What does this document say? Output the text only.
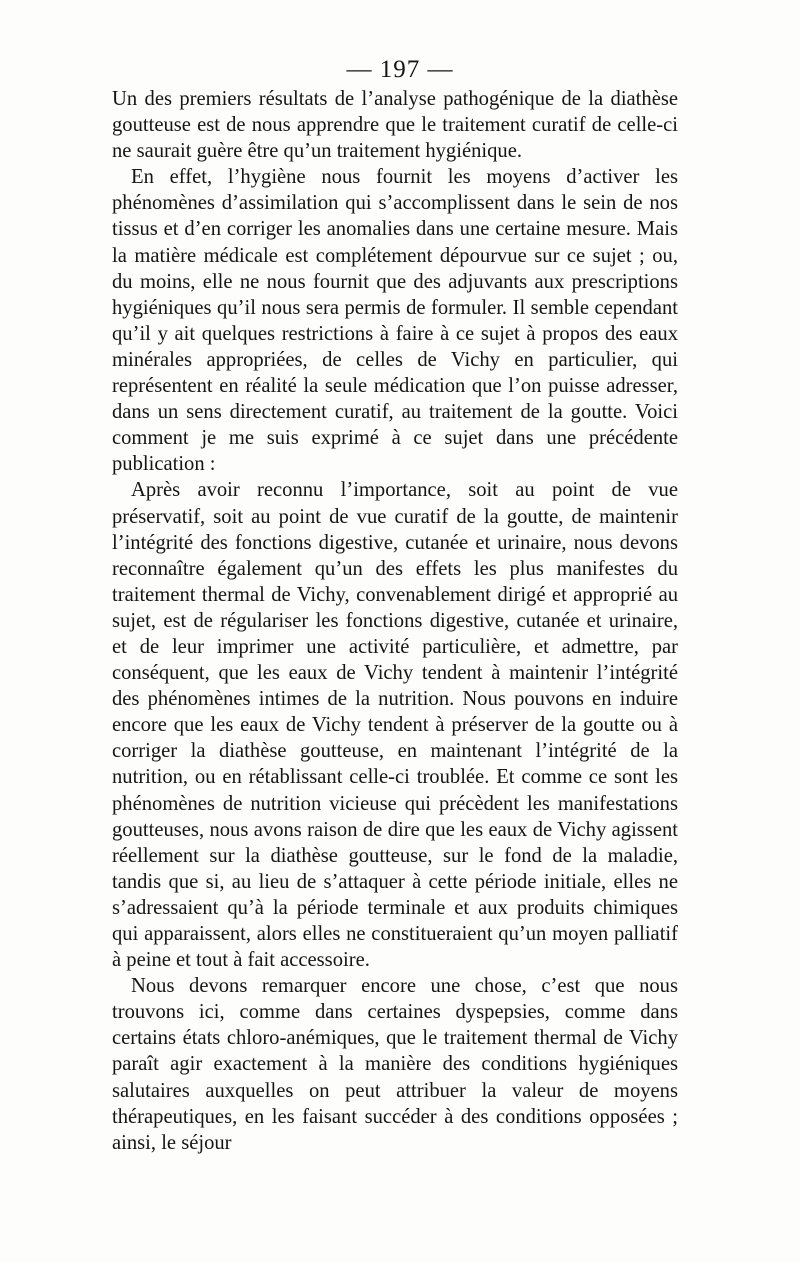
— 197 —

Un des premiers résultats de l’analyse pathogénique de la diathèse goutteuse est de nous apprendre que le traitement curatif de celle-ci ne saurait guère être qu’un traitement hygiénique.

En effet, l’hygiène nous fournit les moyens d’activer les phénomènes d’assimilation qui s’accomplissent dans le sein de nos tissus et d’en corriger les anomalies dans une certaine mesure. Mais la matière médicale est complétement dépourvue sur ce sujet ; ou, du moins, elle ne nous fournit que des adjuvants aux prescriptions hygiéniques qu’il nous sera permis de formuler. Il semble cependant qu’il y ait quelques restrictions à faire à ce sujet à propos des eaux minérales appropriées, de celles de Vichy en particulier, qui représentent en réalité la seule médication que l’on puisse adresser, dans un sens directement curatif, au traitement de la goutte. Voici comment je me suis exprimé à ce sujet dans une précédente publication :

Après avoir reconnu l’importance, soit au point de vue préservatif, soit au point de vue curatif de la goutte, de maintenir l’intégrité des fonctions digestive, cutanée et urinaire, nous devons reconnaître également qu’un des effets les plus manifestes du traitement thermal de Vichy, convenablement dirigé et approprié au sujet, est de régulariser les fonctions digestive, cutanée et urinaire, et de leur imprimer une activité particulière, et admettre, par conséquent, que les eaux de Vichy tendent à maintenir l’intégrité des phénomènes intimes de la nutrition. Nous pouvons en induire encore que les eaux de Vichy tendent à préserver de la goutte ou à corriger la diathèse goutteuse, en maintenant l’intégrité de la nutrition, ou en rétablissant celle-ci troublée. Et comme ce sont les phénomènes de nutrition vicieuse qui précèdent les manifestations goutteuses, nous avons raison de dire que les eaux de Vichy agissent réellement sur la diathèse goutteuse, sur le fond de la maladie, tandis que si, au lieu de s’attaquer à cette période initiale, elles ne s’adressaient qu’à la période terminale et aux produits chimiques qui apparaissent, alors elles ne constitueraient qu’un moyen palliatif à peine et tout à fait accessoire.

Nous devons remarquer encore une chose, c’est que nous trouvons ici, comme dans certaines dyspepsies, comme dans certains états chloro-anémiques, que le traitement thermal de Vichy paraît agir exactement à la manière des conditions hygiéniques salutaires auxquelles on peut attribuer la valeur de moyens thérapeutiques, en les faisant succéder à des conditions opposées ; ainsi, le séjour
